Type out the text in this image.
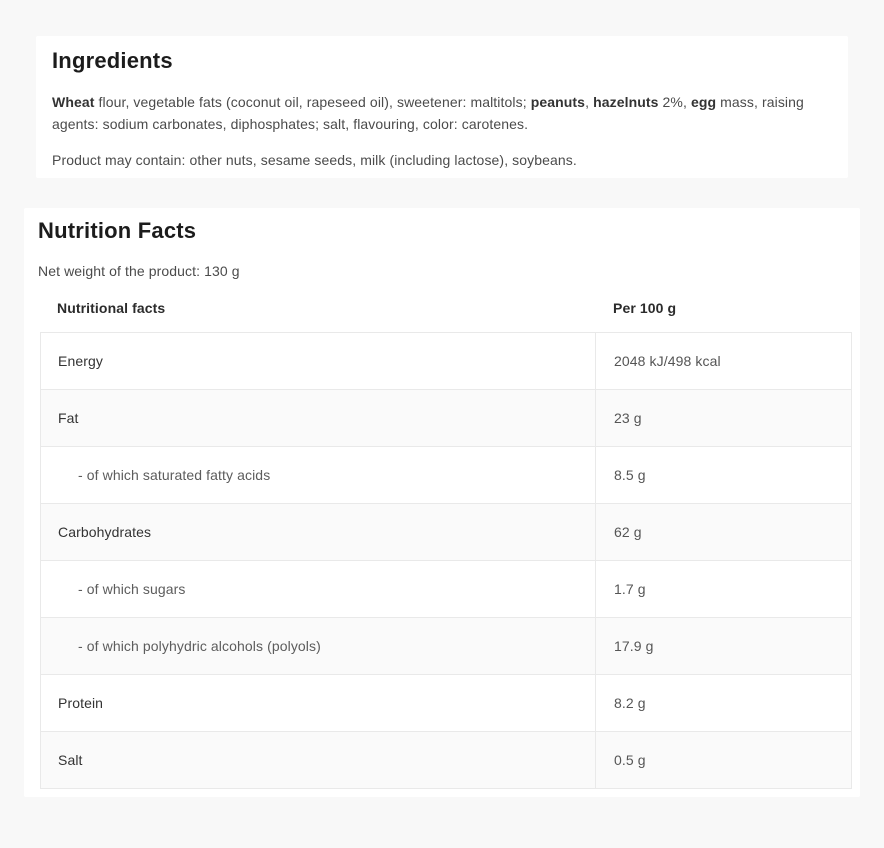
Ingredients

Wheat flour, vegetable fats (coconut oil, rapeseed oil), sweetener: maltitols; peanuts, hazelnuts 2%, egg mass, raising agents: sodium carbonates, diphosphates; salt, flavouring, color: carotenes.

Product may contain: other nuts, sesame seeds, milk (including lactose), soybeans.

Nutrition Facts

Net weight of the product: 130 g

Nutritional facts	Per 100 g
Energy	2048 kJ/498 kcal
Fat	23 g
- of which saturated fatty acids	8.5 g
Carbohydrates	62 g
- of which sugars	1.7 g
- of which polyhydric alcohols (polyols)	17.9 g
Protein	8.2 g
Salt	0.5 g
